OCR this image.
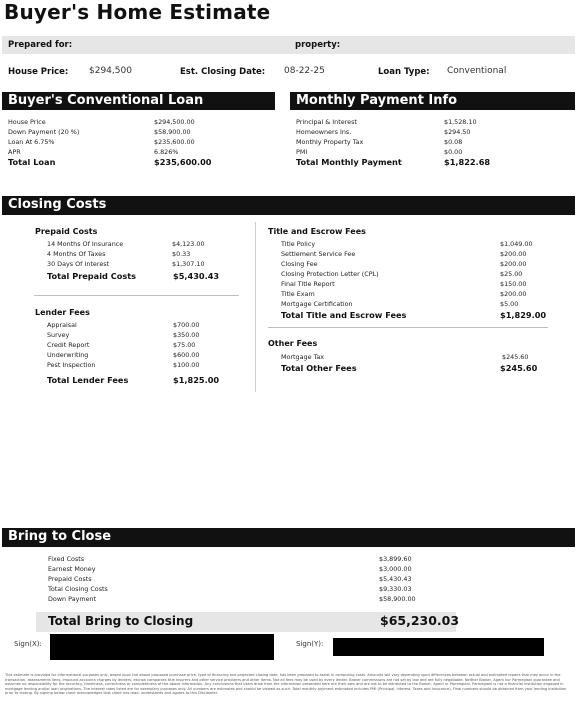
Buyer's Home Estimate
Prepared for:	property:
House Price: $294,500	Est. Closing Date: 08-22-25	Loan Type: Conventional
Buyer's Conventional Loan
House Price	$294,500.00
Down Payment (20 %)	$58,900.00
Loan At 6.75%	$235,600.00
APR	6.826%
Total Loan	$235,600.00
Monthly Payment Info
Principal & Interest	$1,528.10
Homeowners Ins.	$294.50
Monthly Property Tax	$0.08
PMI	$0.00
Total Monthly Payment	$1,822.68
Closing Costs
Prepaid Costs
14 Months Of Insurance	$4,123.00
4 Months Of Taxes	$0.33
30 Days Of Interest	$1,307.10
Total Prepaid Costs	$5,430.43
Lender Fees
Appraisal	$700.00
Survey	$350.00
Credit Report	$75.00
Underwriting	$600.00
Pest Inspection	$100.00
Total Lender Fees	$1,825.00
Title and Escrow Fees
Title Policy	$1,049.00
Settlement Service Fee	$200.00
Closing Fee	$200.00
Closing Protection Letter (CPL)	$25.00
Final Title Report	$150.00
Title Exam	$200.00
Mortgage Certification	$5.00
Total Title and Escrow Fees	$1,829.00
Other Fees
Mortgage Tax	$245.60
Total Other Fees	$245.60
Bring to Close
Fixed Costs	$3,899.60
Earnest Money	$3,000.00
Prepaid Costs	$5,430.43
Total Closing Costs	$9,330.03
Down Payment	$58,900.00
Total Bring to Closing	$65,230.03
Sign(X):	Sign(Y):
This estimate is provided for informational purposes only, based upon the above proposed purchase price, type of financing and projected closing date, has been prepared to assist in computing costs. Amounts will vary depending upon differences between actual and estimated repairs that may occur in the transaction, assessments liens, impound accounts charges by lenders, escrow companies title insurers and other service providers and other items. Not all fees may be used by every lender. Broker commissions are not set by law and are fully negotiable. Neither Broker, Agent nor Parmegiani guarantee and assumes no responsibility for the accuracy, timeliness, correctness or completeness of the above information. Any conclusions that users draw from the information presented here are their own and are not to be attributed to the Broker, Agent or Parmegiani. Parmegiani is not a financial institution engaged in mortgage lending and/or loan originations. The interest rates listed are for exemplary purposes only. All numbers are estimates and should be viewed as such. Total monthly payment estimated includes PMI (Principal, Interest, Taxes and Insurance). Final numbers should be obtained from your lending institution prior to closing. By signing below client acknowledges that client has read, understands and agrees to this Disclaimer.
